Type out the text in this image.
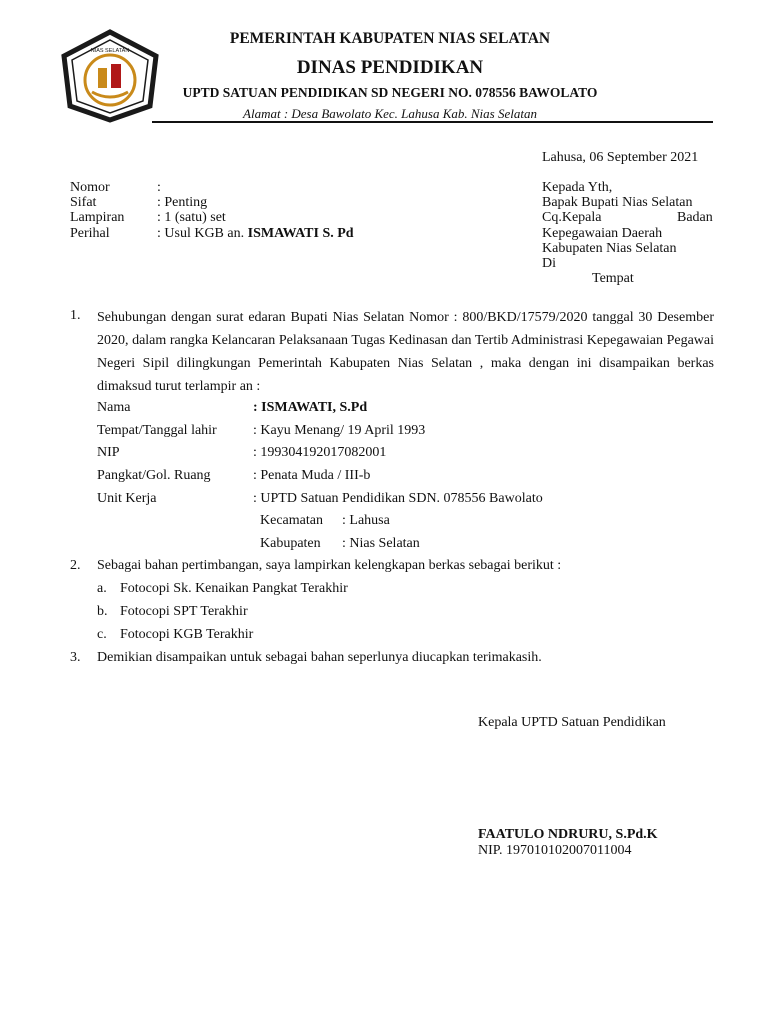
NIAS SELATAN
PEMERINTAH KABUPATEN NIAS SELATAN
DINAS PENDIDIKAN
UPTD SATUAN PENDIDIKAN SD NEGERI NO. 078556 BAWOLATO
Alamat : Desa Bawolato Kec. Lahusa Kab. Nias Selatan
Lahusa, 06 September 2021
Nomor	:
Sifat	: Penting
Lampiran : 1 (satu) set
Perihal	: Usul KGB an. ISMAWATI S. Pd
Kepada Yth,
Bapak Bupati Nias Selatan
Cq.Kepala	Badan
Kepegawaian Daerah
Kabupaten Nias Selatan
Di
Tempat
1. Sehubungan dengan surat edaran Bupati Nias Selatan Nomor : 800/BKD/17579/2020 tanggal 30 Desember 2020, dalam rangka Kelancaran Pelaksanaan Tugas Kedinasan dan Tertib Administrasi Kepegawaian Pegawai Negeri Sipil dilingkungan Pemerintah Kabupaten Nias Selatan , maka dengan ini disampaikan berkas dimaksud turut terlampir an :
Nama	: ISMAWATI, S.Pd
Tempat/Tanggal lahir	: Kayu Menang/ 19 April 1993
NIP	: 199304192017082001
Pangkat/Gol. Ruang	: Penata Muda / III-b
Unit Kerja	: UPTD Satuan Pendidikan SDN. 078556 Bawolato
Kecamatan : Lahusa
Kabupaten : Nias Selatan
2. Sebagai bahan pertimbangan, saya lampirkan kelengkapan berkas sebagai berikut :
a. Fotocopi Sk. Kenaikan Pangkat Terakhir
b. Fotocopi SPT Terakhir
c. Fotocopi KGB Terakhir
3. Demikian disampaikan untuk sebagai bahan seperlunya diucapkan terimakasih.
Kepala UPTD Satuan Pendidikan
FAATULO NDRURU, S.Pd.K
NIP. 197010102007011004
